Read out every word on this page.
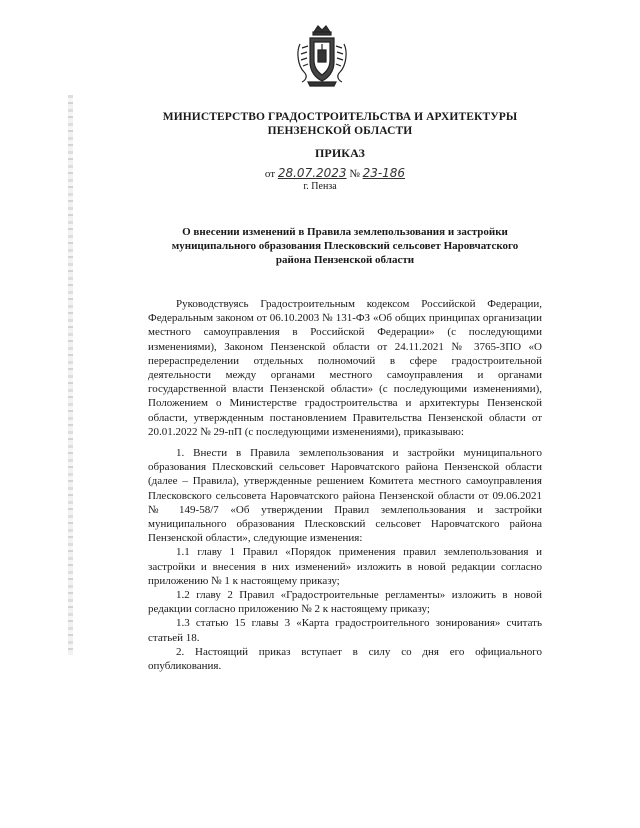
МИНИСТЕРСТВО ГРАДОСТРОИТЕЛЬСТВА И АРХИТЕКТУРЫ ПЕНЗЕНСКОЙ ОБЛАСТИ
ПРИКАЗ
от 28.07.2023 № 23-186
г. Пенза
О внесении изменений в Правила землепользования и застройки муниципального образования Плесковский сельсовет Наровчатского района Пензенской области

Руководствуясь Градостроительным кодексом Российской Федерации, Федеральным законом от 06.10.2003 № 131-ФЗ «Об общих принципах организации местного самоуправления в Российской Федерации» (с последующими изменениями), Законом Пензенской области от 24.11.2021 № 3765-ЗПО «О перераспределении отдельных полномочий в сфере градостроительной деятельности между органами местного самоуправления и органами государственной власти Пензенской области» (с последующими изменениями), Положением о Министерстве градостроительства и архитектуры Пензенской области, утвержденным постановлением Правительства Пензенской области от 20.01.2022 № 29-пП (с последующими изменениями), приказываю:

1. Внести в Правила землепользования и застройки муниципального образования Плесковский сельсовет Наровчатского района Пензенской области (далее – Правила), утвержденные решением Комитета местного самоуправления Плесковского сельсовета Наровчатского района Пензенской области от 09.06.2021 № 149-58/7 «Об утверждении Правил землепользования и застройки муниципального образования Плесковский сельсовет Наровчатского района Пензенской области», следующие изменения:

1.1 главу 1 Правил «Порядок применения правил землепользования и застройки и внесения в них изменений» изложить в новой редакции согласно приложению № 1 к настоящему приказу;

1.2 главу 2 Правил «Градостроительные регламенты» изложить в новой редакции согласно приложению № 2 к настоящему приказу;

1.3 статью 15 главы 3 «Карта градостроительного зонирования» считать статьей 18.

2. Настоящий приказ вступает в силу со дня его официального опубликования.
